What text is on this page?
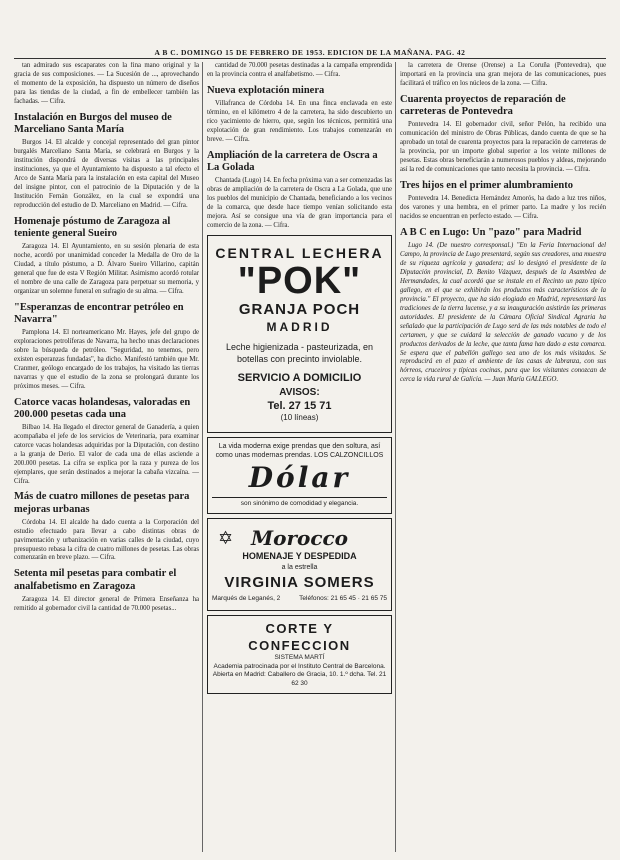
A B C. DOMINGO 15 DE FEBRERO DE 1953. EDICION DE LA MAÑANA. PAG. 42

tan admirado sus escaparates con la fina mano original y la gracia de sus composiciones. — La Sucesión de ..., aprovechando el momento de la exposición, ha dispuesto un número de diseños para las tiendas de la ciudad, a fin de embellecer también las fachadas. — Cifra.

Instalación en Burgos del museo de Marceliano Santa María

Burgos 14. El alcalde y concejal representado del gran pintor burgalés Marceliano Santa María, se celebrará en Burgos y la institución dispondrá de diversas visitas a las principales instituciones, ya que el Ayuntamiento ha dispuesto a tal efecto el Arco de Santa María para la instalación en esta capital del Museo del insigne pintor, con el patrocinio de la Diputación y de la Institución Fernán González, en la cual se expondrá una reproducción del estudio de D. Marceliano en Madrid. — Cifra.

Homenaje póstumo de Zaragoza al teniente general Sueiro

Zaragoza 14. El Ayuntamiento, en su sesión plenaria de esta noche, acordó por unanimidad conceder la Medalla de Oro de la Ciudad, a título póstumo, a D. Álvaro Sueiro Villarino, capitán general que fue de esta V Región Militar. Asimismo acordó rotular el nombre de una calle de Zaragoza para perpetuar su memoria, y organizar un solemne funeral en sufragio de su alma. — Cifra.

"Esperanzas de encontrar petróleo en Navarra"

Pamplona 14. El norteamericano Mr. Hayes, jefe del grupo de exploraciones petrolíferas de Navarra, ha hecho unas declaraciones sobre la búsqueda de petróleo. "Seguridad, no tenemos, pero existen esperanzas fundadas", ha dicho. Manifestó también que Mr. Cranmer, geólogo encargado de los trabajos, ha visitado las tierras navarras y que el estudio de la zona se prolongará durante los próximos meses. — Cifra.

Catorce vacas holandesas, valoradas en 200.000 pesetas cada una

Bilbao 14. Ha llegado el director general de Ganadería, a quien acompañaba el jefe de los servicios de Veterinaria, para examinar catorce vacas holandesas adquiridas por la Diputación, con destino a la granja de Derio. El valor de cada una de ellas asciende a 200.000 pesetas. La cifra se explica por la raza y pureza de los ejemplares, que serán destinados a mejorar la cabaña vizcaína. — Cifra.

Más de cuatro millones de pesetas para mejoras urbanas

Córdoba 14. El alcalde ha dado cuenta a la Corporación del estudio efectuado para llevar a cabo distintas obras de pavimentación y urbanización en varias calles de la ciudad, cuyo presupuesto rebasa la cifra de cuatro millones de pesetas. Las obras comenzarán en breve plazo. — Cifra.

Setenta mil pesetas para combatir el analfabetismo en Zaragoza

Zaragoza 14. El director general de Primera Enseñanza ha remitido al gobernador civil la cantidad de 70.000 pesetas...

cantidad de 70.000 pesetas destinadas a la campaña emprendida en la provincia contra el analfabetismo. — Cifra.

Nueva explotación minera

Villafranca de Córdoba 14. En una finca enclavada en este término, en el kilómetro 4 de la carretera, ha sido descubierto un rico yacimiento de hierro, que, según los técnicos, permitirá una explotación de gran rendimiento. Los trabajos comenzarán en breve. — Cifra.

Ampliación de la carretera de Oscra a La Golada

Chantada (Lugo) 14. En fecha próxima van a ser comenzadas las obras de ampliación de la carretera de Oscra a La Golada, que une los pueblos del municipio de Chantada, beneficiando a los vecinos de la comarca, que desde hace tiempo venían solicitando esta mejora. Así se consigue una vía de gran importancia para el comercio de la zona. — Cifra.

CENTRAL LECHERA
"POK"
GRANJA POCH
MADRID
Leche higienizada - pasteurizada, en botellas con precinto inviolable.
SERVICIO A DOMICILIO
AVISOS:
Tel. 27 15 71
(10 líneas)
La vida moderna exige prendas que den soltura, así como unas modernas prendas. LOS CALZONCILLOS
Dólar
son sinónimo de comodidad y elegancia.
✡ Morocco
HOMENAJE Y DESPEDIDA
a la estrella
VIRGINIA SOMERS
Marqués de Leganés, 2	Teléfonos: 21 65 45 · 21 65 75
CORTE Y CONFECCION
SISTEMA MARTÍ
Academia patrocinada por el Instituto Central de Barcelona.
Abierta en Madrid: Caballero de Gracia, 10. 1.º dcha. Tel. 21 62 30

la carretera de Orense (Orense) a La Coruña (Pontevedra), que importará en la provincia una gran mejora de las comunicaciones, pues facilitará el tráfico en los núcleos de la zona. — Cifra.

Cuarenta proyectos de reparación de carreteras de Pontevedra

Pontevedra 14. El gobernador civil, señor Pelón, ha recibido una comunicación del ministro de Obras Públicas, dando cuenta de que se ha aprobado un total de cuarenta proyectos para la reparación de carreteras de la provincia, por un importe global superior a los veinte millones de pesetas. Estas obras beneficiarán a numerosos pueblos y aldeas, mejorando así la red de comunicaciones que tanto necesita la provincia. — Cifra.

Tres hijos en el primer alumbramiento

Pontevedra 14. Benedicta Hernández Amorós, ha dado a luz tres niños, dos varones y una hembra, en el primer parto. La madre y los recién nacidos se encuentran en perfecto estado. — Cifra.

A B C en Lugo: Un "pazo" para Madrid

Lugo 14. (De nuestro corresponsal.) "En la Feria Internacional del Campo, la provincia de Lugo presentará, según sus creadores, una muestra de su riqueza agrícola y ganadera; así lo designó el presidente de la Diputación provincial, D. Benito Vázquez, después de la Asamblea de Hermandades, la cual acordó que se instale en el Recinto un pazo típico gallego, en el que se exhibirán los productos más característicos de la provincia." El proyecto, que ha sido elogiado en Madrid, representará las tradiciones de la tierra lucense, y a su inauguración asistirán las primeras autoridades. El presidente de la Cámara Oficial Sindical Agraria ha señalado que la participación de Lugo será de las más notables de todo el certamen, y que se cuidará la selección de ganado vacuno y de los productos derivados de la leche, que tanta fama han dado a esta comarca. Se espera que el pabellón gallego sea uno de los más visitados. Se reproducirá en el pazo el ambiente de las casas de labranza, con sus hórreos, cruceiros y típicas cocinas, para que los visitantes conozcan de cerca la vida rural de Galicia. — Juan María GALLEGO.
